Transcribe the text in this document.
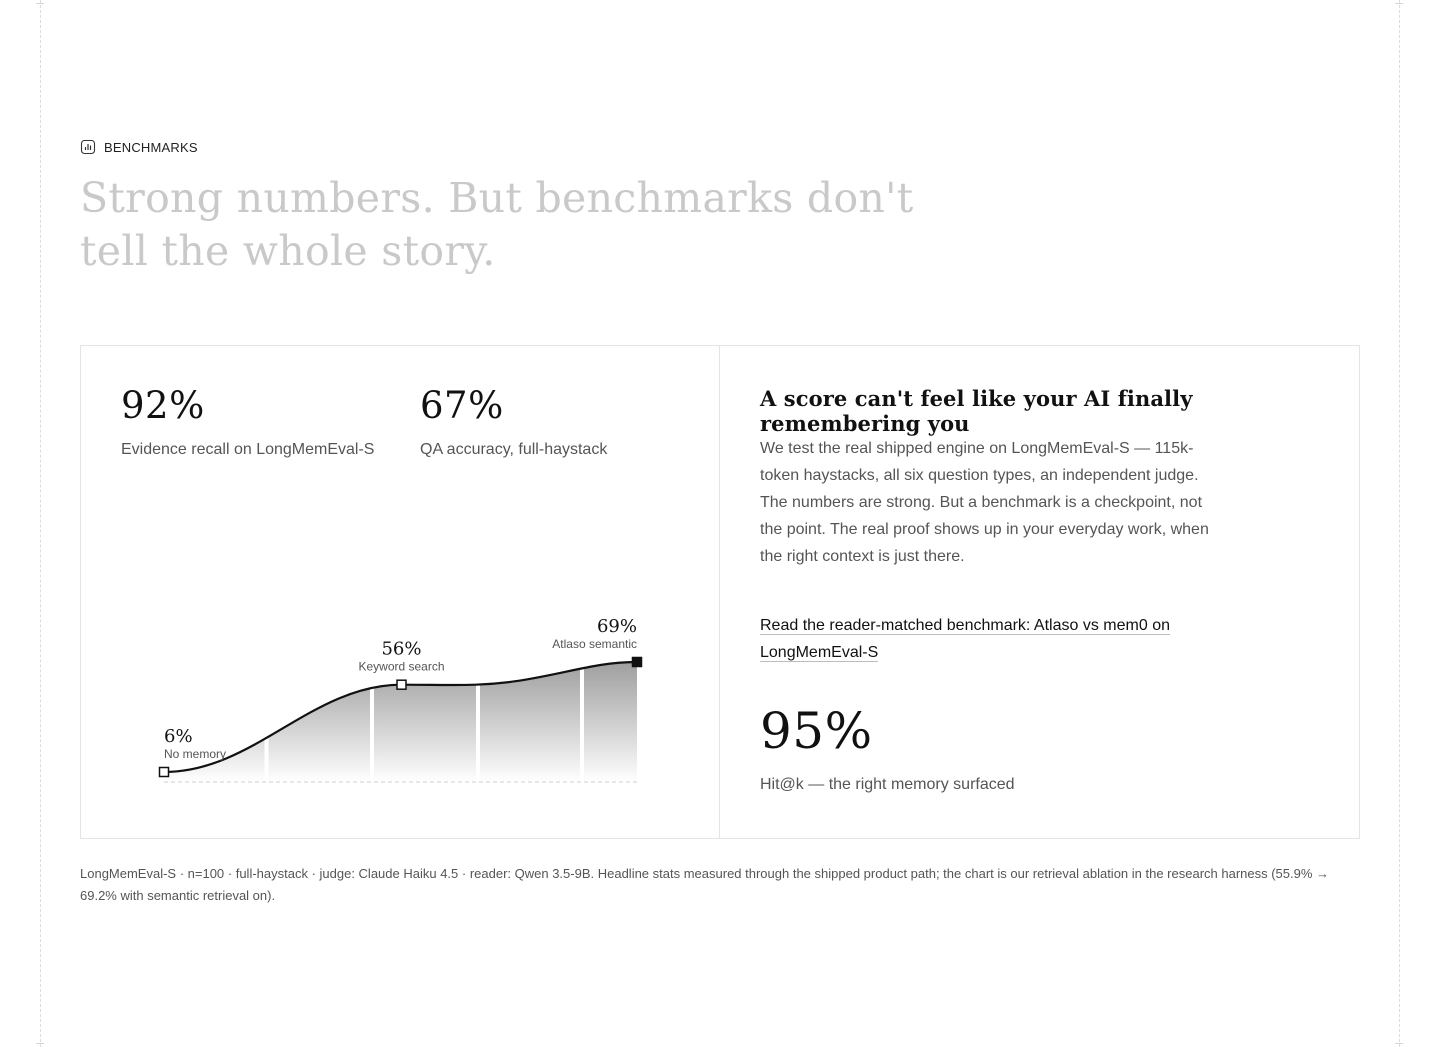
BENCHMARKS
Strong numbers. But benchmarks don't tell the whole story.
92%
Evidence recall on LongMemEval-S
67%
QA accuracy, full-haystack
6%
No memory
56%
Keyword search
69%
Atlaso semantic
A score can't feel like your AI finally remembering you

We test the real shipped engine on LongMemEval-S — 115k-token haystacks, all six question types, an independent judge. The numbers are strong. But a benchmark is a checkpoint, not the point. The real proof shows up in your everyday work, when the right context is just there.

Read the reader-matched benchmark: Atlaso vs mem0 on LongMemEval-S
95%
Hit@k — the right memory surfaced

LongMemEval-S · n=100 · full-haystack · judge: Claude Haiku 4.5 · reader: Qwen 3.5-9B. Headline stats measured through the shipped product path; the chart is our retrieval ablation in the research harness (55.9% → 69.2% with semantic retrieval on).
